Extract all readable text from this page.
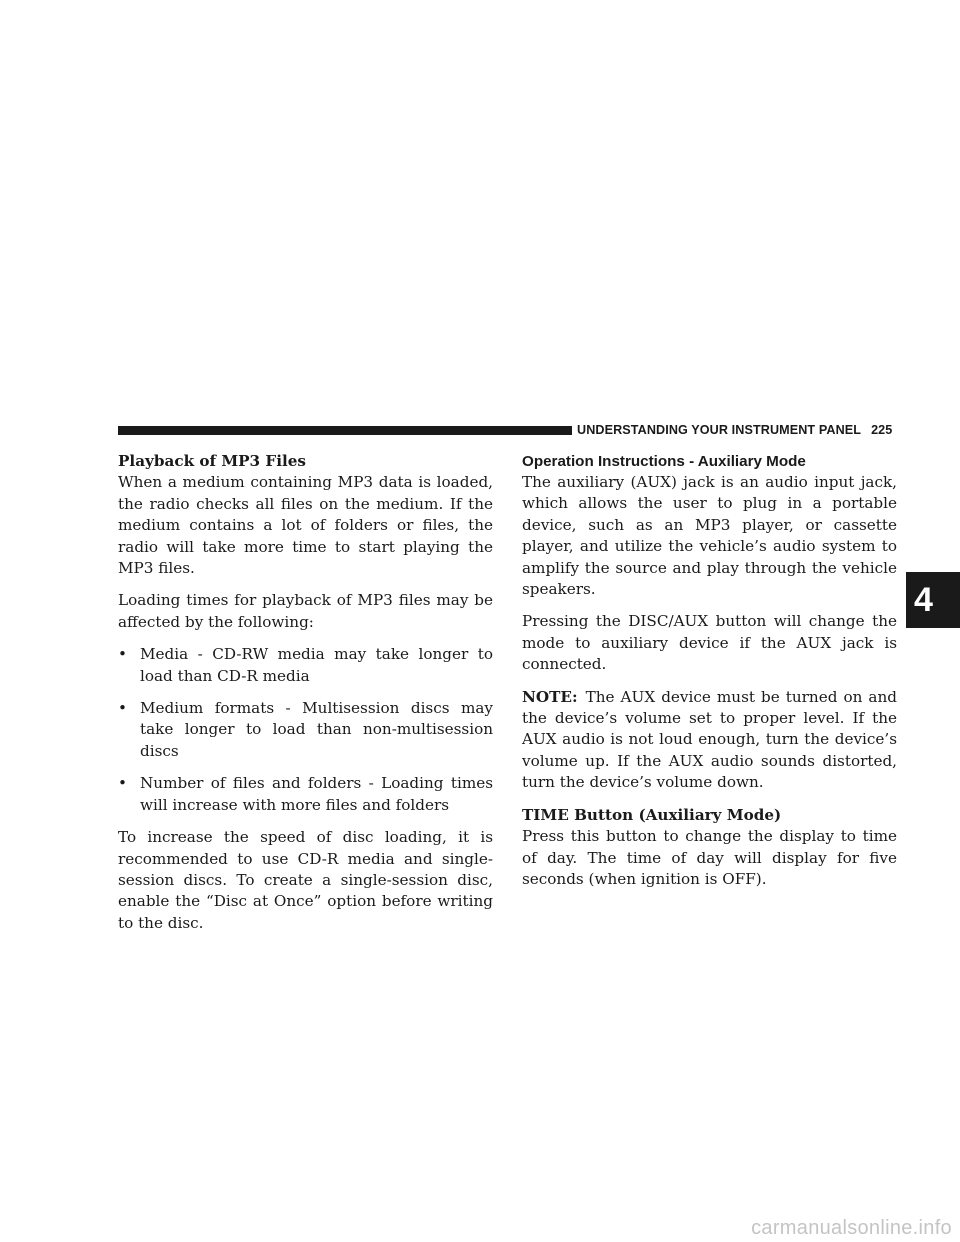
UNDERSTANDING YOUR INSTRUMENT PANEL 225
Playback of MP3 Files

When a medium containing MP3 data is loaded, the radio checks all files on the medium. If the medium contains a lot of folders or files, the radio will take more time to start playing the MP3 files.

Loading times for playback of MP3 files may be affected by the following:

• Media - CD-RW media may take longer to load than CD-R media
• Medium formats - Multisession discs may take longer to load than non-multisession discs
• Number of files and folders - Loading times will increase with more files and folders

To increase the speed of disc loading, it is recommended to use CD-R media and single-session discs. To create a single-session disc, enable the “Disc at Once” option before writing to the disc.

Operation Instructions - Auxiliary Mode

The auxiliary (AUX) jack is an audio input jack, which allows the user to plug in a portable device, such as an MP3 player, or cassette player, and utilize the vehicle’s audio system to amplify the source and play through the vehicle speakers.

Pressing the DISC/AUX button will change the mode to auxiliary device if the AUX jack is connected.

NOTE: The AUX device must be turned on and the device’s volume set to proper level. If the AUX audio is not loud enough, turn the device’s volume up. If the AUX audio sounds distorted, turn the device’s volume down.

TIME Button (Auxiliary Mode)

Press this button to change the display to time of day. The time of day will display for five seconds (when ignition is OFF).

4
carmanualsonline.info
